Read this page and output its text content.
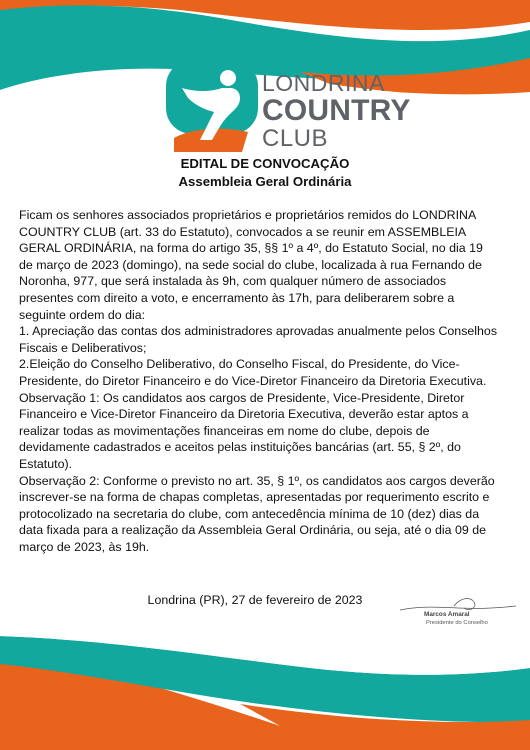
LONDRINA
COUNTRY
CLUB
EDITAL DE CONVOCAÇÃO
Assembleia Geral Ordinária

Ficam os senhores associados proprietários e proprietários remidos do LONDRINA COUNTRY CLUB (art. 33 do Estatuto), convocados a se reunir em ASSEMBLEIA GERAL ORDINÁRIA, na forma do artigo 35, §§ 1º a 4º, do Estatuto Social, no dia 19 de março de 2023 (domingo), na sede social do clube, localizada à rua Fernando de Noronha, 977, que será instalada às 9h, com qualquer número de associados presentes com direito a voto, e encerramento às 17h, para deliberarem sobre a seguinte ordem do dia:

1. Apreciação das contas dos administradores aprovadas anualmente pelos Conselhos Fiscais e Deliberativos;

2.Eleição do Conselho Deliberativo, do Conselho Fiscal, do Presidente, do Vice-Presidente, do Diretor Financeiro e do Vice-Diretor Financeiro da Diretoria Executiva.

Observação 1: Os candidatos aos cargos de Presidente, Vice-Presidente, Diretor Financeiro e Vice-Diretor Financeiro da Diretoria Executiva, deverão estar aptos a realizar todas as movimentações financeiras em nome do clube, depois de devidamente cadastrados e aceitos pelas instituições bancárias (art. 55, § 2º, do Estatuto).

Observação 2: Conforme o previsto no art. 35, § 1º, os candidatos aos cargos deverão inscrever-se na forma de chapas completas, apresentadas por requerimento escrito e protocolizado na secretaria do clube, com antecedência mínima de 10 (dez) dias da data fixada para a realização da Assembleia Geral Ordinária, ou seja, até o dia 09 de março de 2023, às 19h.

Londrina (PR), 27 de fevereiro de 2023
Marcos Amaral
Presidente do Conselho
